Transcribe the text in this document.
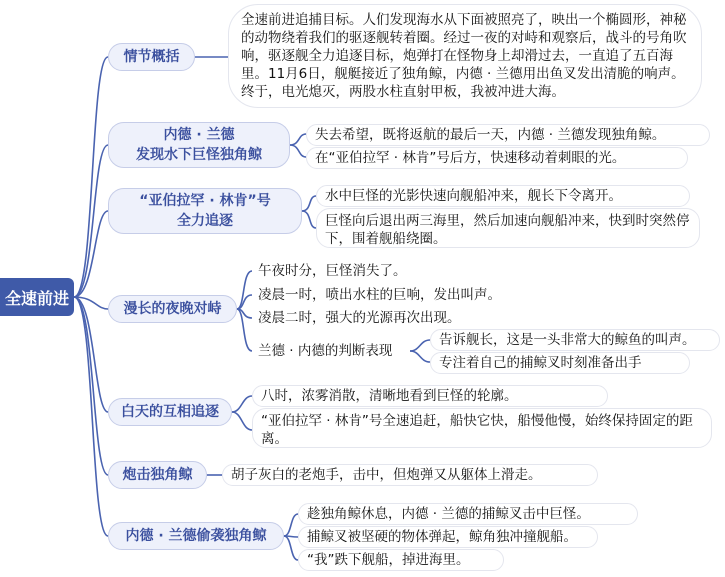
全速前进
情节概括
全速前进追捕目标。人们发现海水从下面被照亮了，映出一个椭圆形，神秘的动物绕着我们的驱逐舰转着圈。经过一夜的对峙和观察后，战斗的号角吹响，驱逐舰全力追逐目标，炮弹打在怪物身上却滑过去，一直追了五百海里。11月6日，舰艇接近了独角鲸，内德 · 兰德用出鱼叉发出清脆的响声。终于，电光熄灭，两股水柱直射甲板，我被冲进大海。
内德 · 兰德
发现水下巨怪独角鲸
失去希望，既将返航的最后一天，内德 · 兰德发现独角鲸。
在“亚伯拉罕 · 林肯”号后方，快速移动着刺眼的光。
“亚伯拉罕 · 林肯”号
全力追逐
水中巨怪的光影快速向舰船冲来，舰长下令离开。
巨怪向后退出两三海里，然后加速向舰船冲来，快到时突然停下，围着舰船绕圈。
漫长的夜晚对峙
午夜时分，巨怪消失了。
凌晨一时，喷出水柱的巨响，发出叫声。
凌晨二时，强大的光源再次出现。
兰德 · 内德的判断表现
告诉舰长，这是一头非常大的鲸鱼的叫声。
专注着自己的捕鲸叉时刻准备出手
白天的互相追逐
八时，浓雾消散，清晰地看到巨怪的轮廓。
“亚伯拉罕 · 林肯”号全速追赶，船快它快，船慢他慢，始终保持固定的距离。
炮击独角鲸	胡子灰白的老炮手，击中，但炮弹又从躯体上滑走。
内德 · 兰德偷袭独角鲸
趁独角鲸休息，内德 · 兰德的捕鲸叉击中巨怪。
捕鲸叉被坚硬的物体弹起，鲸角独冲撞舰船。
“我”跌下舰船，掉进海里。
